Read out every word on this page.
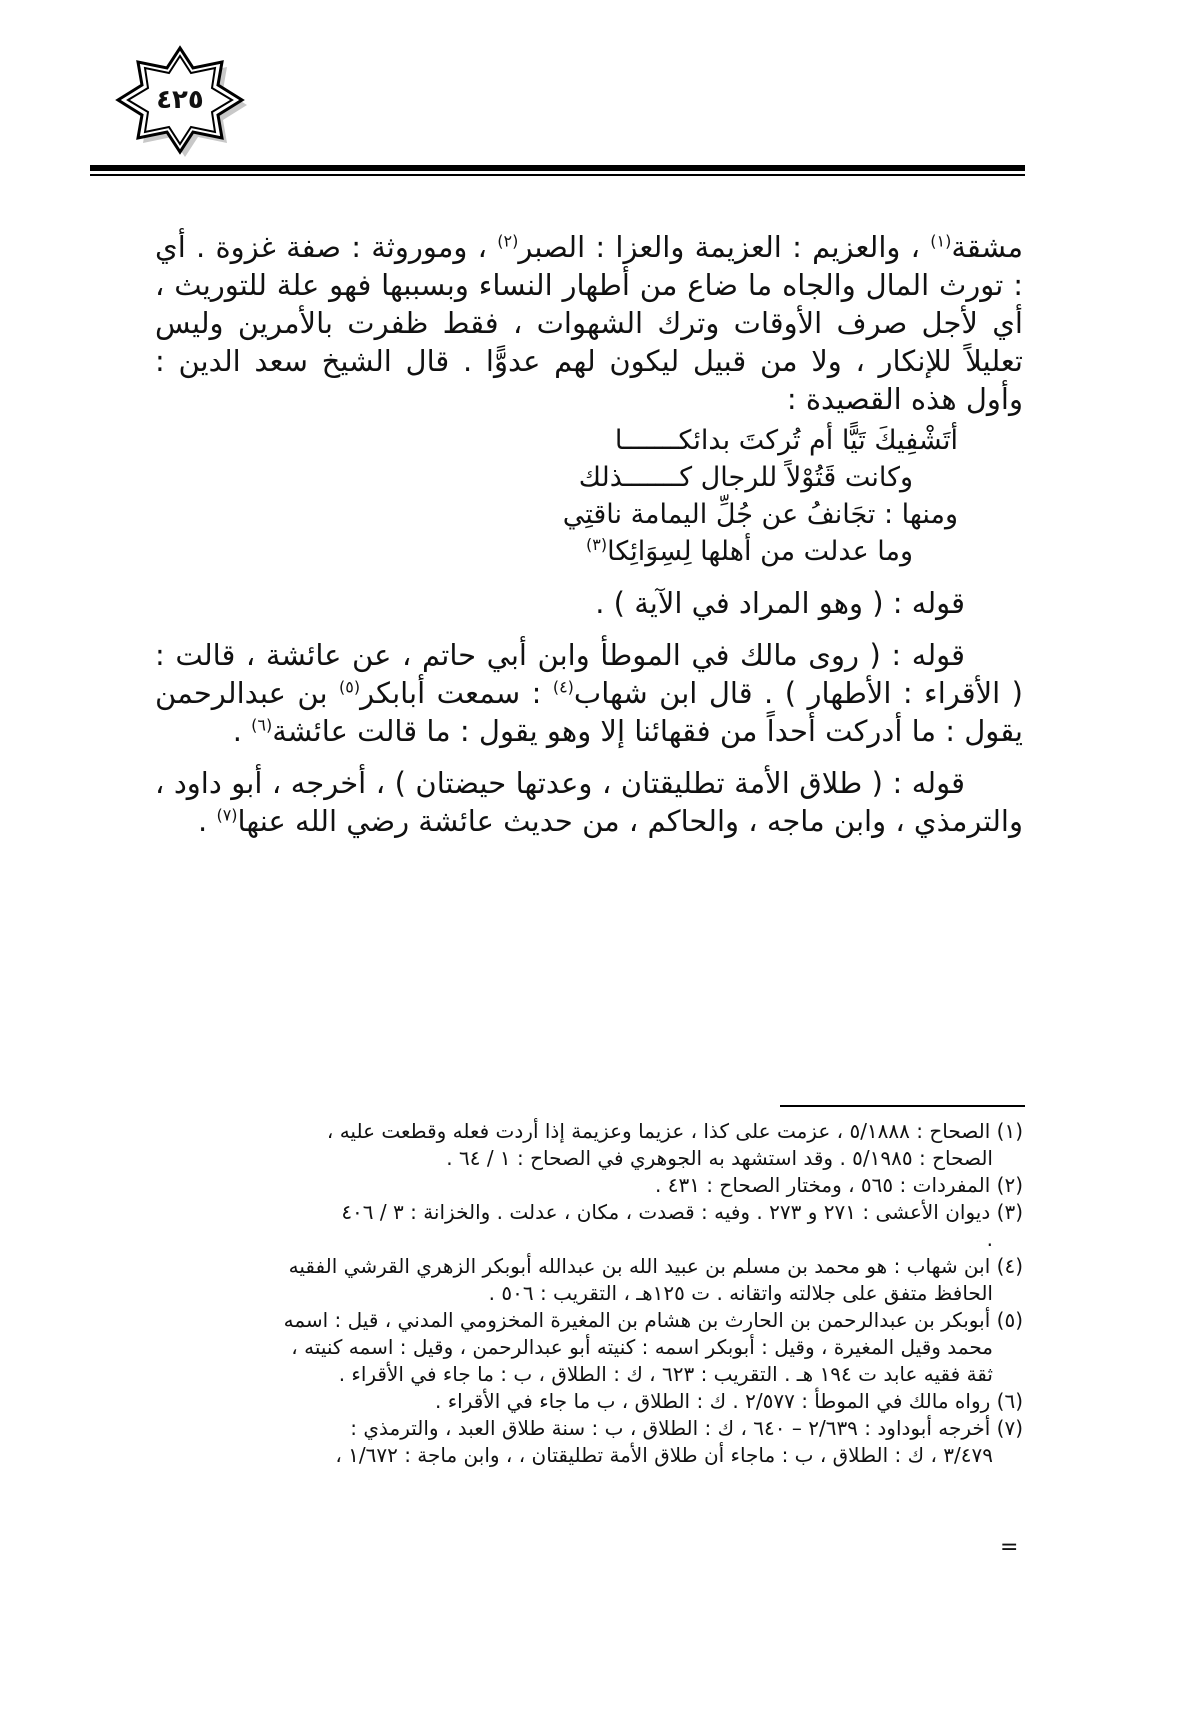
٤٢٥

مشقة$^{(١)}$ ، والعزيم : العزيمة والعزا : الصبر$^{(٢)}$ ، وموروثة : صفة غزوة . أي : تورث المال والجاه ما ضاع من أطهار النساء وبسببها فهو علة للتوريث ، أي لأجل صرف الأوقات وترك الشهوات ، فقط ظفرت بالأمرين وليس تعليلاً للإنكار ، ولا من قبيل ليكون لهم عدوًّا . قال الشيخ سعد الدين : وأول هذه القصيدة :

أتَشْفِيكَ تَيًّا أم تُركتَ بدائكـــــــا
وكانت قَتُوْلاً للرجال كـــــــذلك
ومنها : تجَانفُ عن جُلِّ اليمامة ناقتِي
وما عدلت من أهلها لِسِوَائِكا$^{(٣)}$

قوله : ( وهو المراد في الآية ) .

قوله : ( روى مالك في الموطأ وابن أبي حاتم ، عن عائشة ، قالت : ( الأقراء : الأطهار ) . قال ابن شهاب$^{(٤)}$ : سمعت أبابكر$^{(٥)}$ بن عبدالرحمن يقول : ما أدركت أحداً من فقهائنا إلا وهو يقول : ما قالت عائشة$^{(٦)}$ .

قوله : ( طلاق الأمة تطليقتان ، وعدتها حيضتان ) ، أخرجه ، أبو داود ، والترمذي ، وابن ماجه ، والحاكم ، من حديث عائشة رضي الله عنها$^{(٧)}$ .

(١) الصحاح : ٥/١٨٨٨ ، عزمت على كذا ، عزيما وعزيمة إذا أردت فعله وقطعت عليه ،
الصحاح : ٥/١٩٨٥ . وقد استشهد به الجوهري في الصحاح : ١ / ٦٤ .

(٢) المفردات : ٥٦٥ ، ومختار الصحاح : ٤٣١ .

(٣) ديوان الأعشى : ٢٧١ و ٢٧٣ . وفيه : قصدت ، مكان ، عدلت . والخزانة : ٣ / ٤٠٦
.

(٤) ابن شهاب : هو محمد بن مسلم بن عبيد الله بن عبدالله أبوبكر الزهري القرشي الفقيه
الحافظ متفق على جلالته واتقانه . ت ١٢٥هـ ، التقريب : ٥٠٦ .

(٥) أبوبكر بن عبدالرحمن بن الحارث بن هشام بن المغيرة المخزومي المدني ، قيل : اسمه
محمد وقيل المغيرة ، وقيل : أبوبكر اسمه : كنيته أبو عبدالرحمن ، وقيل : اسمه كنيته ،
ثقة فقيه عابد ت ١٩٤ هـ . التقريب : ٦٢٣ ، ك : الطلاق ، ب : ما جاء في الأقراء .

(٦) رواه مالك في الموطأ : ٢/٥٧٧ . ك : الطلاق ، ب ما جاء في الأقراء .

(٧) أخرجه أبوداود : ٢/٦٣٩ – ٦٤٠ ، ك : الطلاق ، ب : سنة طلاق العبد ، والترمذي :
٣/٤٧٩ ، ك : الطلاق ، ب : ماجاء أن طلاق الأمة تطليقتان ، ، وابن ماجة : ١/٦٧٢ ،

=
